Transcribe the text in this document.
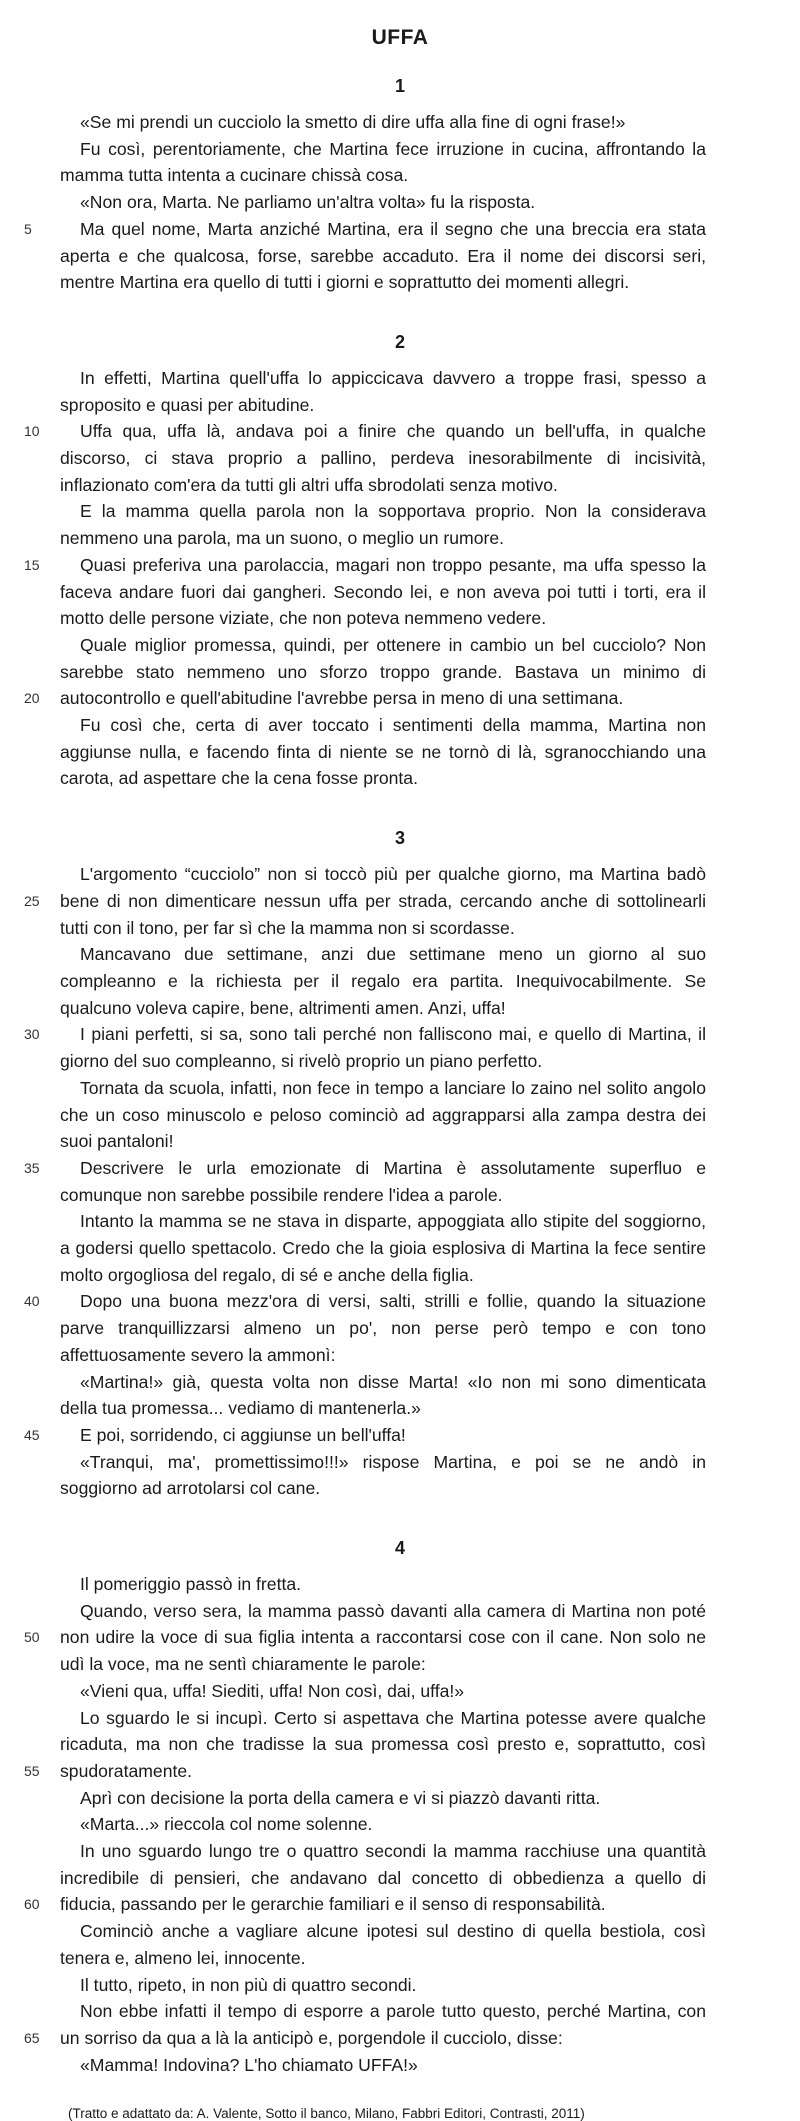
UFFA
1
«Se mi prendi un cucciolo la smetto di dire uffa alla fine di ogni frase!»
Fu così, perentoriamente, che Martina fece irruzione in cucina, affrontando la
mamma tutta intenta a cucinare chissà cosa.
«Non ora, Marta. Ne parliamo un'altra volta» fu la risposta.
5	Ma quel nome, Marta anziché Martina, era il segno che una breccia era stata
aperta e che qualcosa, forse, sarebbe accaduto. Era il nome dei discorsi seri,
mentre Martina era quello di tutti i giorni e soprattutto dei momenti allegri.
2
In effetti, Martina quell'uffa lo appiccicava davvero a troppe frasi, spesso a
sproposito e quasi per abitudine.
10	Uffa qua, uffa là, andava poi a finire che quando un bell'uffa, in qualche
discorso, ci stava proprio a pallino, perdeva inesorabilmente di incisività,
inflazionato com'era da tutti gli altri uffa sbrodolati senza motivo.
E la mamma quella parola non la sopportava proprio. Non la considerava
nemmeno una parola, ma un suono, o meglio un rumore.
15	Quasi preferiva una parolaccia, magari non troppo pesante, ma uffa spesso la
faceva andare fuori dai gangheri. Secondo lei, e non aveva poi tutti i torti, era il
motto delle persone viziate, che non poteva nemmeno vedere.
Quale miglior promessa, quindi, per ottenere in cambio un bel cucciolo? Non
sarebbe stato nemmeno uno sforzo troppo grande. Bastava un minimo di
20	autocontrollo e quell'abitudine l'avrebbe persa in meno di una settimana.
Fu così che, certa di aver toccato i sentimenti della mamma, Martina non
aggiunse nulla, e facendo finta di niente se ne tornò di là, sgranocchiando una
carota, ad aspettare che la cena fosse pronta.
3
L'argomento “cucciolo” non si toccò più per qualche giorno, ma Martina badò
25	bene di non dimenticare nessun uffa per strada, cercando anche di sottolinearli
tutti con il tono, per far sì che la mamma non si scordasse.
Mancavano due settimane, anzi due settimane meno un giorno al suo
compleanno e la richiesta per il regalo era partita. Inequivocabilmente. Se
qualcuno voleva capire, bene, altrimenti amen. Anzi, uffa!
30	I piani perfetti, si sa, sono tali perché non falliscono mai, e quello di Martina, il
giorno del suo compleanno, si rivelò proprio un piano perfetto.
Tornata da scuola, infatti, non fece in tempo a lanciare lo zaino nel solito angolo
che un coso minuscolo e peloso cominciò ad aggrapparsi alla zampa destra dei
suoi pantaloni!
35	Descrivere le urla emozionate di Martina è assolutamente superfluo e
comunque non sarebbe possibile rendere l'idea a parole.
Intanto la mamma se ne stava in disparte, appoggiata allo stipite del soggiorno,
a godersi quello spettacolo. Credo che la gioia esplosiva di Martina la fece sentire
molto orgogliosa del regalo, di sé e anche della figlia.
40	Dopo una buona mezz'ora di versi, salti, strilli e follie, quando la situazione
parve tranquillizzarsi almeno un po', non perse però tempo e con tono
affettuosamente severo la ammonì:
«Martina!» già, questa volta non disse Marta! «Io non mi sono dimenticata
della tua promessa... vediamo di mantenerla.»
45	E poi, sorridendo, ci aggiunse un bell'uffa!
«Tranqui, ma', promettissimo!!!» rispose Martina, e poi se ne andò in
soggiorno ad arrotolarsi col cane.
4
Il pomeriggio passò in fretta.
Quando, verso sera, la mamma passò davanti alla camera di Martina non poté
50	non udire la voce di sua figlia intenta a raccontarsi cose con il cane. Non solo ne
udì la voce, ma ne sentì chiaramente le parole:
«Vieni qua, uffa! Siediti, uffa! Non così, dai, uffa!»
Lo sguardo le si incupì. Certo si aspettava che Martina potesse avere qualche
ricaduta, ma non che tradisse la sua promessa così presto e, soprattutto, così
55	spudoratamente.
Aprì con decisione la porta della camera e vi si piazzò davanti ritta.
«Marta...» rieccola col nome solenne.
In uno sguardo lungo tre o quattro secondi la mamma racchiuse una quantità
incredibile di pensieri, che andavano dal concetto di obbedienza a quello di
60	fiducia, passando per le gerarchie familiari e il senso di responsabilità.
Cominciò anche a vagliare alcune ipotesi sul destino di quella bestiola, così
tenera e, almeno lei, innocente.
Il tutto, ripeto, in non più di quattro secondi.
Non ebbe infatti il tempo di esporre a parole tutto questo, perché Martina, con
65	un sorriso da qua a là la anticipò e, porgendole il cucciolo, disse:
«Mamma! Indovina? L'ho chiamato UFFA!»
(Tratto e adattato da: A. Valente, Sotto il banco, Milano, Fabbri Editori, Contrasti, 2011)
